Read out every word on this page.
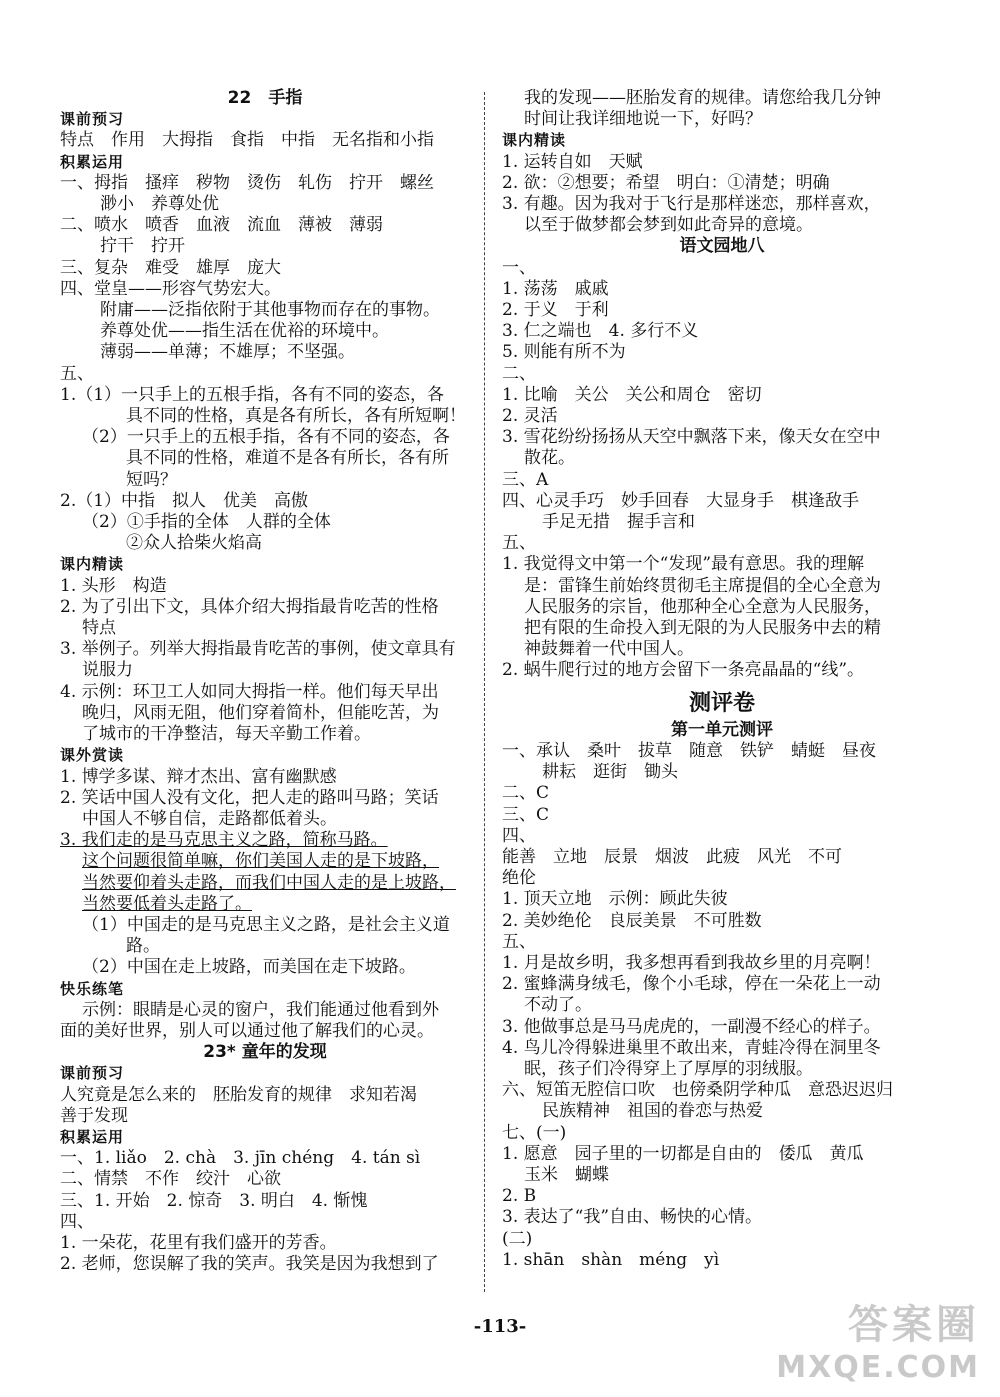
22　手指
课前预习
特点　作用　大拇指　食指　中指　无名指和小指
积累运用
一、拇指　搔痒　秽物　烫伤　轧伤　拧开　螺丝
渺小　养尊处优
二、喷水　喷香　血液　流血　薄被　薄弱
拧干　拧开
三、复杂　难受　雄厚　庞大
四、堂皇——形容气势宏大。
附庸——泛指依附于其他事物而存在的事物。
养尊处优——指生活在优裕的环境中。
薄弱——单薄；不雄厚；不坚强。
五、
1.（1）一只手上的五根手指，各有不同的姿态，各
具不同的性格，真是各有所长，各有所短啊！
（2）一只手上的五根手指，各有不同的姿态，各
具不同的性格，难道不是各有所长，各有所
短吗？
2.（1）中指　拟人　优美　高傲
（2）①手指的全体　人群的全体
②众人拾柴火焰高
课内精读
1. 头形　构造
2. 为了引出下文，具体介绍大拇指最肯吃苦的性格
特点
3. 举例子。列举大拇指最肯吃苦的事例，使文章具有
说服力
4. 示例：环卫工人如同大拇指一样。他们每天早出
晚归，风雨无阻，他们穿着简朴，但能吃苦，为
了城市的干净整洁，每天辛勤工作着。
课外赏读
1. 博学多谋、辩才杰出、富有幽默感
2. 笑话中国人没有文化，把人走的路叫马路；笑话
中国人不够自信，走路都低着头。
3. 我们走的是马克思主义之路，简称马路。
这个问题很简单嘛，你们美国人走的是下坡路，
当然要仰着头走路，而我们中国人走的是上坡路，
当然要低着头走路了。
（1）中国走的是马克思主义之路，是社会主义道
路。
（2）中国在走上坡路，而美国在走下坡路。
快乐练笔
示例：眼睛是心灵的窗户，我们能通过他看到外
面的美好世界，别人可以通过他了解我们的心灵。
23* 童年的发现
课前预习
人究竟是怎么来的　胚胎发育的规律　求知若渴
善于发现
积累运用
一、1. liǎo　2. chà　3. jīn chéng　4. tán sì
二、情禁　不作　绞汁　心欲
三、1. 开始　2. 惊奇　3. 明白　4. 惭愧
四、
1. 一朵花，花里有我们盛开的芳香。
2. 老师，您误解了我的笑声。我笑是因为我想到了
我的发现——胚胎发育的规律。请您给我几分钟
时间让我详细地说一下，好吗？
课内精读
1. 运转自如　天赋
2. 欲：②想要；希望　明白：①清楚；明确
3. 有趣。因为我对于飞行是那样迷恋，那样喜欢，
以至于做梦都会梦到如此奇异的意境。
语文园地八
一、
1. 荡荡　戚戚
2. 于义　于利
3. 仁之端也　4. 多行不义
5. 则能有所不为
二、
1. 比喻　关公　关公和周仓　密切
2. 灵活
3. 雪花纷纷扬扬从天空中飘落下来，像天女在空中
散花。
三、A
四、心灵手巧　妙手回春　大显身手　棋逢敌手
手足无措　握手言和
五、
1. 我觉得文中第一个“发现”最有意思。我的理解
是：雷锋生前始终贯彻毛主席提倡的全心全意为
人民服务的宗旨，他那种全心全意为人民服务，
把有限的生命投入到无限的为人民服务中去的精
神鼓舞着一代中国人。
2. 蜗牛爬行过的地方会留下一条亮晶晶的“线”。
测评卷
第一单元测评
一、承认　桑叶　拔草　随意　铁铲　蜻蜓　昼夜
耕耘　逛街　锄头
二、C
三、C
四、
能善　立地　辰景　烟波　此疲　风光　不可
绝伦
1. 顶天立地　示例：顾此失彼
2. 美妙绝伦　良辰美景　不可胜数
五、
1. 月是故乡明，我多想再看到我故乡里的月亮啊！
2. 蜜蜂满身绒毛，像个小毛球，停在一朵花上一动
不动了。
3. 他做事总是马马虎虎的，一副漫不经心的样子。
4. 鸟儿冷得躲进巢里不敢出来，青蛙冷得在洞里冬
眠，孩子们冷得穿上了厚厚的羽绒服。
六、短笛无腔信口吹　也傍桑阴学种瓜　意恐迟迟归
民族精神　祖国的眷恋与热爱
七、(一)
1. 愿意　园子里的一切都是自由的　倭瓜　黄瓜
玉米　蝴蝶
2. B
3. 表达了“我”自由、畅快的心情。
(二)
1. shān　shàn　méng　yì
-113-	答案圈
MXQE.COM
